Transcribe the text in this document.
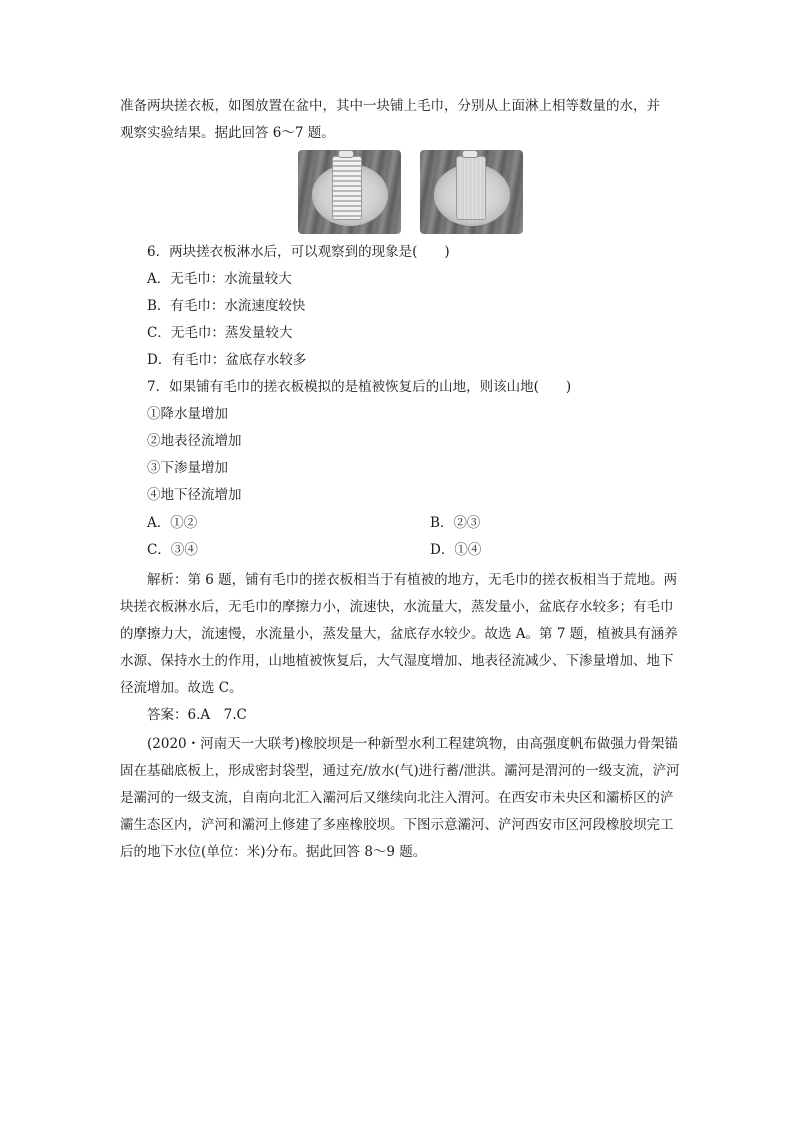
准备两块搓衣板，如图放置在盆中，其中一块铺上毛巾，分别从上面淋上相等数量的水，并
观察实验结果。据此回答 6～7 题。
6．两块搓衣板淋水后，可以观察到的现象是(　　)
A．无毛巾：水流量较大
B．有毛巾：水流速度较快
C．无毛巾：蒸发量较大
D．有毛巾：盆底存水较多
7．如果铺有毛巾的搓衣板模拟的是植被恢复后的山地，则该山地(　　)
①降水量增加
②地表径流增加
③下渗量增加
④地下径流增加
A．①②	B．②③
C．③④	D．①④

解析：第 6 题，铺有毛巾的搓衣板相当于有植被的地方，无毛巾的搓衣板相当于荒地。两块搓衣板淋水后，无毛巾的摩擦力小，流速快，水流量大，蒸发量小，盆底存水较多；有毛巾的摩擦力大，流速慢，水流量小，蒸发量大，盆底存水较少。故选 A。第 7 题，植被具有涵养水源、保持水土的作用，山地植被恢复后，大气湿度增加、地表径流减少、下渗量增加、地下径流增加。故选 C。

答案：6.A　7.C

(2020・河南天一大联考)橡胶坝是一种新型水利工程建筑物，由高强度帆布做强力骨架锚固在基础底板上，形成密封袋型，通过充/放水(气)进行蓄/泄洪。灞河是渭河的一级支流，浐河是灞河的一级支流，自南向北汇入灞河后又继续向北注入渭河。在西安市未央区和灞桥区的浐灞生态区内，浐河和灞河上修建了多座橡胶坝。下图示意灞河、浐河西安市区河段橡胶坝完工后的地下水位(单位：米)分布。据此回答 8～9 题。
